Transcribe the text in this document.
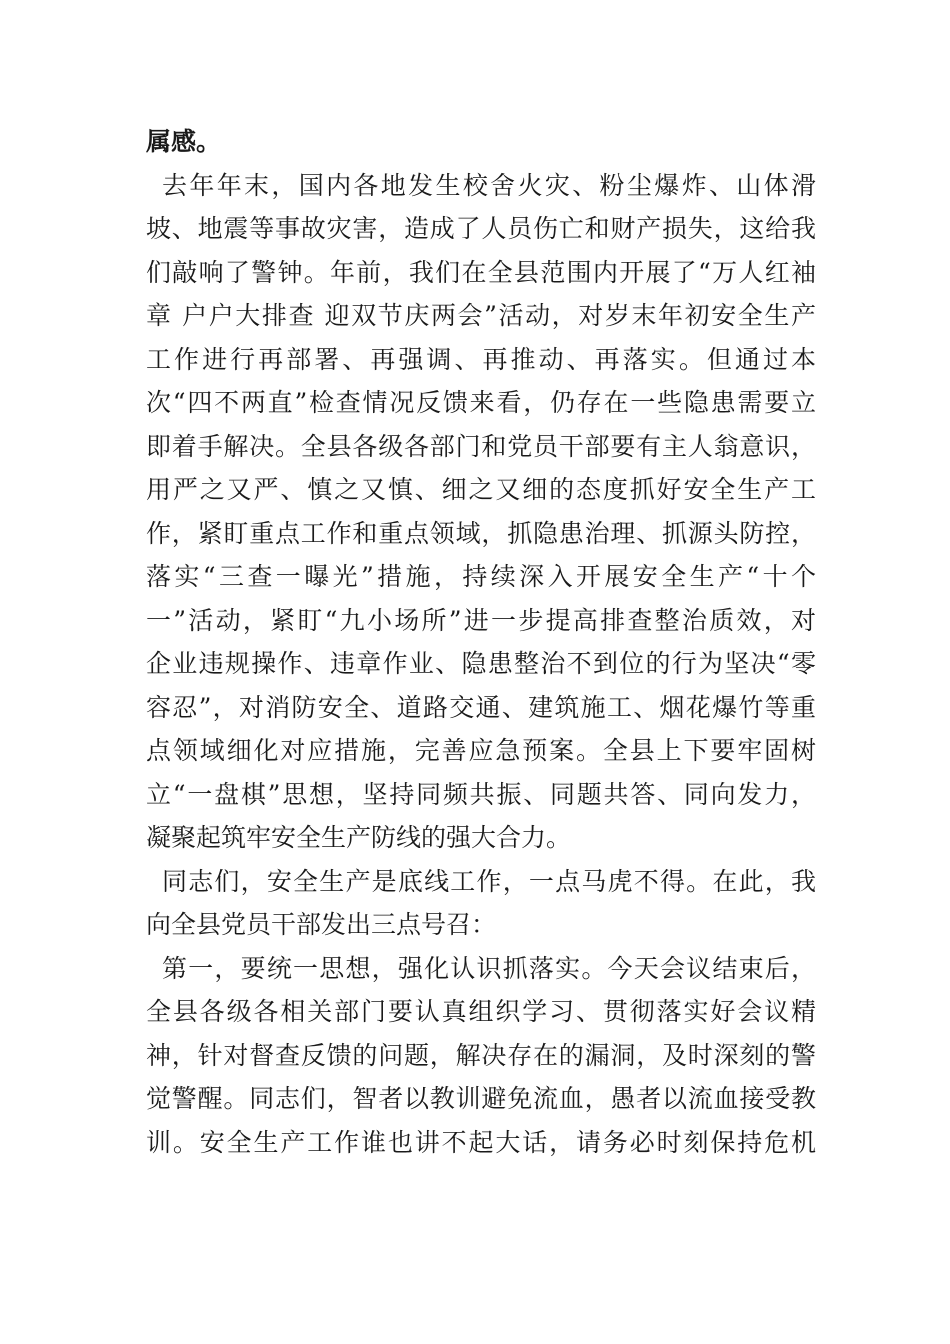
属感。
去年年末，国内各地发生校舍火灾、粉尘爆炸、山体滑
坡、地震等事故灾害，造成了人员伤亡和财产损失，这给我
们敲响了警钟。年前，我们在全县范围内开展了“万人红袖
章 户户大排查 迎双节庆两会”活动，对岁末年初安全生产
工作进行再部署、再强调、再推动、再落实。但通过本
次“四不两直”检查情况反馈来看，仍存在一些隐患需要立
即着手解决。全县各级各部门和党员干部要有主人翁意识，
用严之又严、慎之又慎、细之又细的态度抓好安全生产工
作，紧盯重点工作和重点领域，抓隐患治理、抓源头防控，
落实“三查一曝光”措施，持续深入开展安全生产“十个
一”活动，紧盯“九小场所”进一步提高排查整治质效，对
企业违规操作、违章作业、隐患整治不到位的行为坚决“零
容忍”，对消防安全、道路交通、建筑施工、烟花爆竹等重
点领域细化对应措施，完善应急预案。全县上下要牢固树
立“一盘棋”思想，坚持同频共振、同题共答、同向发力，
凝聚起筑牢安全生产防线的强大合力。
同志们，安全生产是底线工作，一点马虎不得。在此，我
向全县党员干部发出三点号召：
第一，要统一思想，强化认识抓落实。今天会议结束后，
全县各级各相关部门要认真组织学习、贯彻落实好会议精
神，针对督查反馈的问题，解决存在的漏洞，及时深刻的警
觉警醒。同志们，智者以教训避免流血，愚者以流血接受教
训。安全生产工作谁也讲不起大话，请务必时刻保持危机
